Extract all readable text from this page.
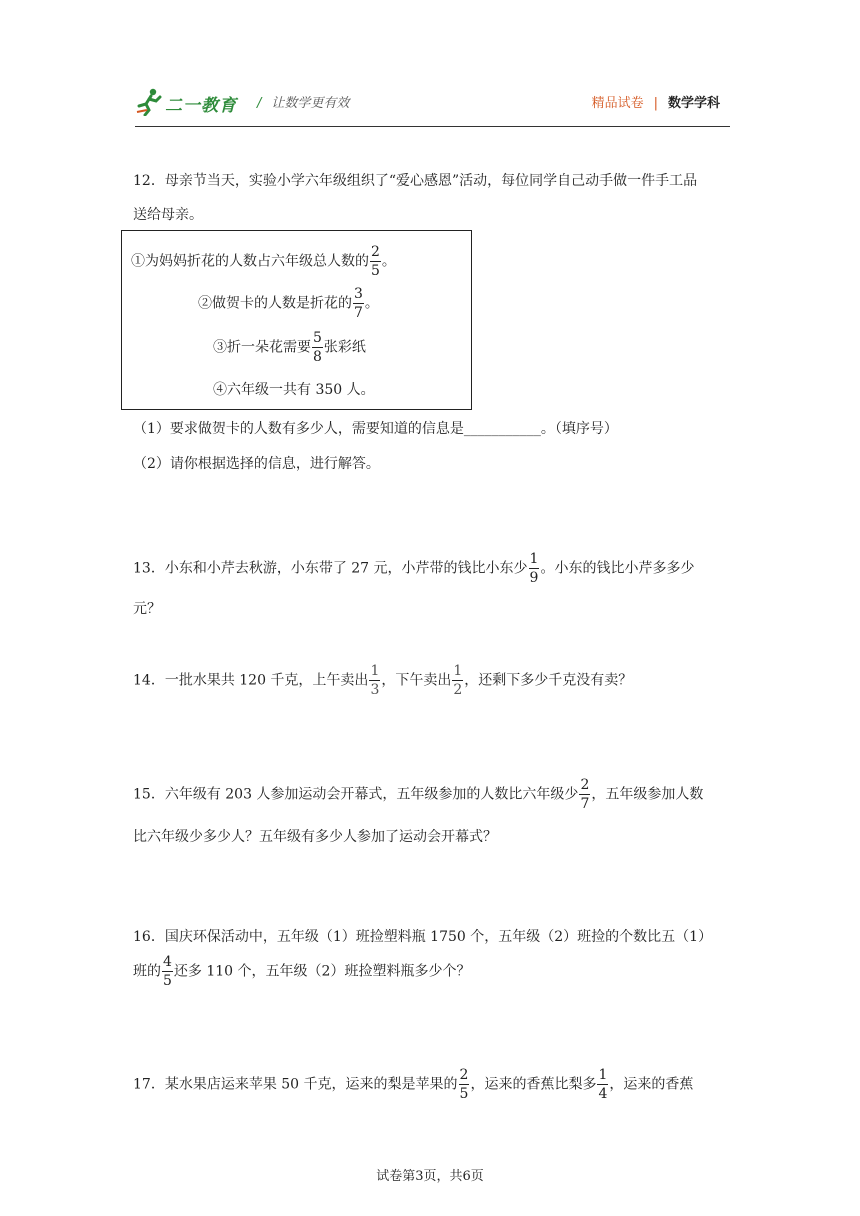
二一教育 / 让数学更有效	精品试卷 | 数学学科
12．母亲节当天，实验小学六年级组织了“爱心感恩”活动，每位同学自己动手做一件手工品
送给母亲。
①为妈妈折花的人数占六年级总人数的 $\frac{2}{5}$ 。
②做贺卡的人数是折花的 $\frac{3}{7}$ 。
③折一朵花需要 $\frac{5}{8}$ 张彩纸
④六年级一共有 350 人。
（1）要求做贺卡的人数有多少人，需要知道的信息是___________。（填序号）
（2）请你根据选择的信息，进行解答。
13．小东和小芹去秋游，小东带了 27 元，小芹带的钱比小东少 $\frac{1}{9}$ 。小东的钱比小芹多多少
元？
14．一批水果共 120 千克，上午卖出 $\frac{1}{3}$ ，下午卖出 $\frac{1}{2}$ ，还剩下多少千克没有卖？
15．六年级有 203 人参加运动会开幕式，五年级参加的人数比六年级少 $\frac{2}{7}$ ，五年级参加人数
比六年级少多少人？五年级有多少人参加了运动会开幕式？
16．国庆环保活动中，五年级（1）班捡塑料瓶 1750 个，五年级（2）班捡的个数比五（1）
班的 $\frac{4}{5}$ 还多 110 个，五年级（2）班捡塑料瓶多少个？
17．某水果店运来苹果 50 千克，运来的梨是苹果的 $\frac{2}{5}$ ，运来的香蕉比梨多 $\frac{1}{4}$ ，运来的香蕉
试卷第3页，共6页
